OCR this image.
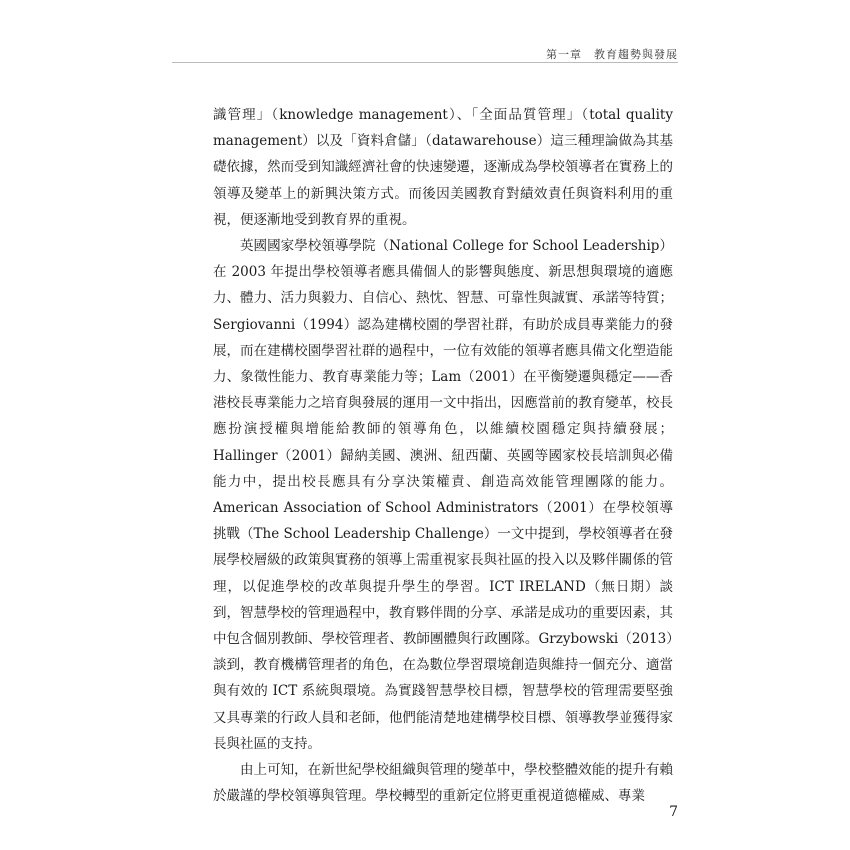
第一章　教育趨勢與發展

識管理」（knowledge management）、「全面品質管理」（total quality management）以及「資料倉儲」（datawarehouse）這三種理論做為其基礎依據，然而受到知識經濟社會的快速變遷，逐漸成為學校領導者在實務上的領導及變革上的新興決策方式。而後因美國教育對績效責任與資料利用的重視，便逐漸地受到教育界的重視。

英國國家學校領導學院（National College for School Leadership）在 2003 年提出學校領導者應具備個人的影響與態度、新思想與環境的適應力、體力、活力與毅力、自信心、熱忱、智慧、可靠性與誠實、承諾等特質；Sergiovanni（1994）認為建構校園的學習社群，有助於成員專業能力的發展，而在建構校園學習社群的過程中，一位有效能的領導者應具備文化塑造能力、象徵性能力、教育專業能力等；Lam（2001）在平衡變遷與穩定——香港校長專業能力之培育與發展的運用一文中指出，因應當前的教育變革，校長應扮演授權與增能給教師的領導角色，以維續校園穩定與持續發展；Hallinger（2001）歸納美國、澳洲、紐西蘭、英國等國家校長培訓與必備能力中，提出校長應具有分享決策權責、創造高效能管理團隊的能力。American Association of School Administrators（2001）在學校領導挑戰（The School Leadership Challenge）一文中提到，學校領導者在發展學校層級的政策與實務的領導上需重視家長與社區的投入以及夥伴關係的管理，以促進學校的改革與提升學生的學習。ICT IRELAND（無日期）談到，智慧學校的管理過程中，教育夥伴間的分享、承諾是成功的重要因素，其中包含個別教師、學校管理者、教師團體與行政團隊。Grzybowski（2013）談到，教育機構管理者的角色，在為數位學習環境創造與維持一個充分、適當與有效的 ICT 系統與環境。為實踐智慧學校目標，智慧學校的管理需要堅強又具專業的行政人員和老師，他們能清楚地建構學校目標、領導教學並獲得家長與社區的支持。

由上可知，在新世紀學校組織與管理的變革中，學校整體效能的提升有賴於嚴謹的學校領導與管理。學校轉型的重新定位將更重視道德權威、專業

7
